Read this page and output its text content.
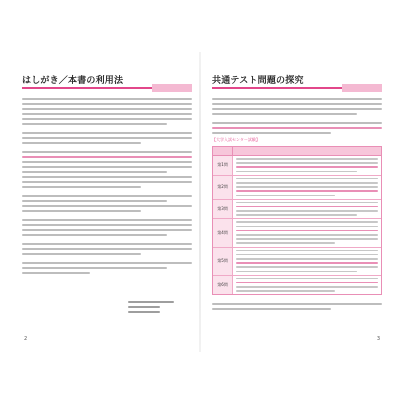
はしがき／本書の利用法
2
共通テスト問題の探究
【大学入試センター試験】
第1問
第2問
第3問
第4問
第5問
第6問
3
